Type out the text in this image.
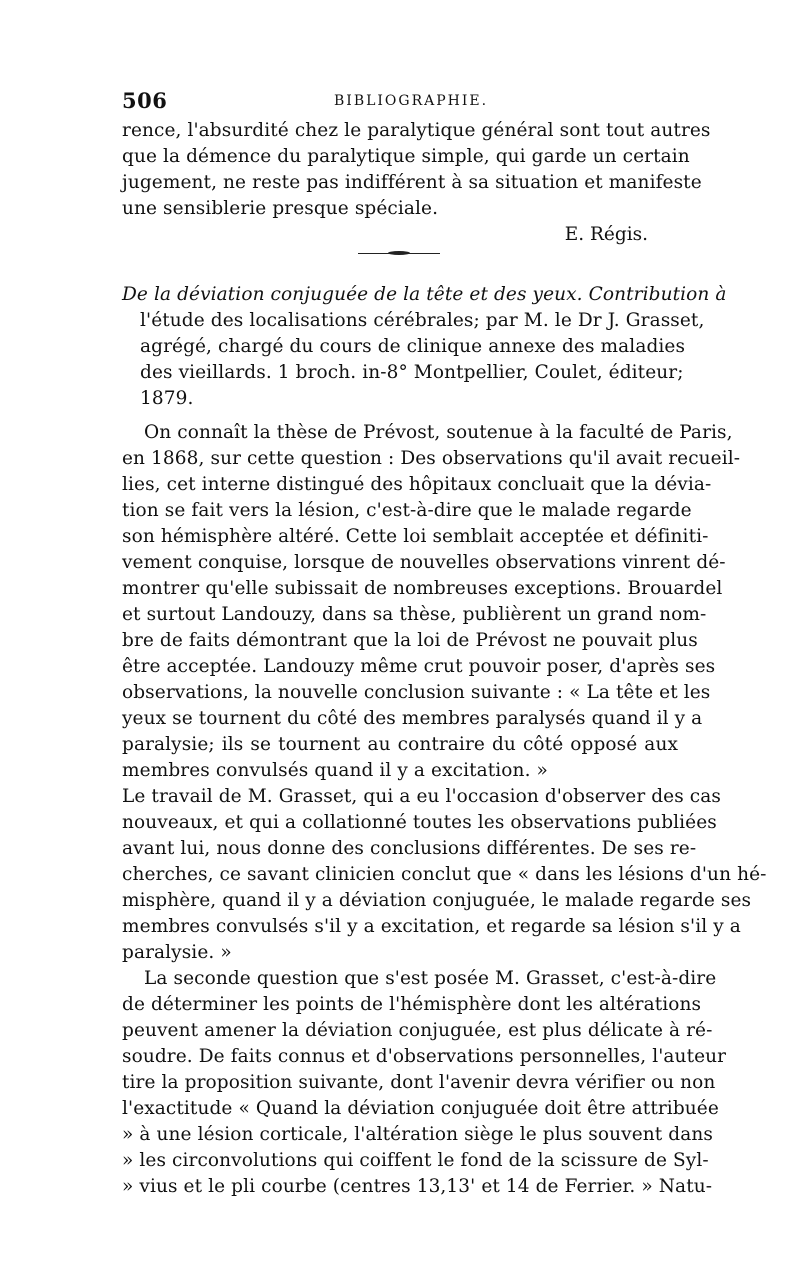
506	BIBLIOGRAPHIE.
rence, l'absurdité chez le paralytique général sont tout autres
que la démence du paralytique simple, qui garde un certain
jugement, ne reste pas indifférent à sa situation et manifeste
une sensiblerie presque spéciale.
E. Régis.
De la déviation conjuguée de la tête et des yeux. Contribution à
l'étude des localisations cérébrales; par M. le Dr J. Grasset,
agrégé, chargé du cours de clinique annexe des maladies
des vieillards. 1 broch. in-8° Montpellier, Coulet, éditeur;
1879.
On connaît la thèse de Prévost, soutenue à la faculté de Paris,
en 1868, sur cette question : Des observations qu'il avait recueil-
lies, cet interne distingué des hôpitaux concluait que la dévia-
tion se fait vers la lésion, c'est-à-dire que le malade regarde
son hémisphère altéré. Cette loi semblait acceptée et définiti-
vement conquise, lorsque de nouvelles observations vinrent dé-
montrer qu'elle subissait de nombreuses exceptions. Brouardel
et surtout Landouzy, dans sa thèse, publièrent un grand nom-
bre de faits démontrant que la loi de Prévost ne pouvait plus
être acceptée. Landouzy même crut pouvoir poser, d'après ses
observations, la nouvelle conclusion suivante : « La tête et les
yeux se tournent du côté des membres paralysés quand il y a
paralysie; ils se tournent au contraire du côté opposé aux
membres convulsés quand il y a excitation. »
Le travail de M. Grasset, qui a eu l'occasion d'observer des cas
nouveaux, et qui a collationné toutes les observations publiées
avant lui, nous donne des conclusions différentes. De ses re-
cherches, ce savant clinicien conclut que « dans les lésions d'un hé-
misphère, quand il y a déviation conjuguée, le malade regarde ses
membres convulsés s'il y a excitation, et regarde sa lésion s'il y a
paralysie. »
La seconde question que s'est posée M. Grasset, c'est-à-dire
de déterminer les points de l'hémisphère dont les altérations
peuvent amener la déviation conjuguée, est plus délicate à ré-
soudre. De faits connus et d'observations personnelles, l'auteur
tire la proposition suivante, dont l'avenir devra vérifier ou non
l'exactitude « Quand la déviation conjuguée doit être attribuée
» à une lésion corticale, l'altération siège le plus souvent dans
» les circonvolutions qui coiffent le fond de la scissure de Syl-
» vius et le pli courbe (centres 13,13' et 14 de Ferrier. » Natu-
